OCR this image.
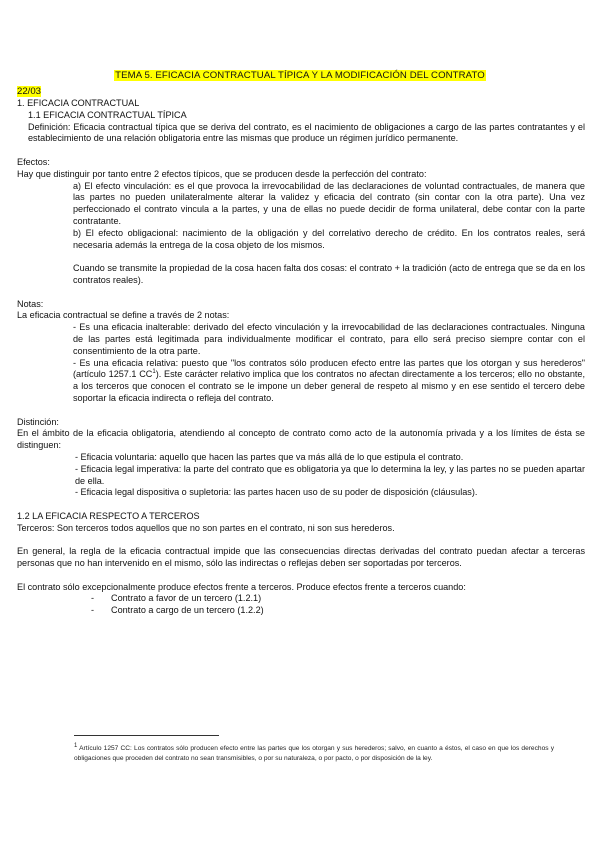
TEMA 5. EFICACIA CONTRACTUAL TÍPICA Y LA MODIFICACIÓN DEL CONTRATO
22/03

1. EFICACIA CONTRACTUAL

1.1 EFICACIA CONTRACTUAL TÍPICA

Definición: Eficacia contractual típica que se deriva del contrato, es el nacimiento de obligaciones a cargo de las partes contratantes y el establecimiento de una relación obligatoria entre las mismas que produce un régimen jurídico permanente.

Efectos:

Hay que distinguir por tanto entre 2 efectos típicos, que se producen desde la perfección del contrato:

a) El efecto vinculación: es el que provoca la irrevocabilidad de las declaraciones de voluntad contractuales, de manera que las partes no pueden unilateralmente alterar la validez y eficacia del contrato (sin contar con la otra parte). Una vez perfeccionado el contrato vincula a la partes, y una de ellas no puede decidir de forma unilateral, debe contar con la parte contratante.

b) El efecto obligacional: nacimiento de la obligación y del correlativo derecho de crédito. En los contratos reales, será necesaria además la entrega de la cosa objeto de los mismos.

Cuando se transmite la propiedad de la cosa hacen falta dos cosas: el contrato + la tradición (acto de entrega que se da en los contratos reales).

Notas:

La eficacia contractual se define a través de 2 notas:

- Es una eficacia inalterable: derivado del efecto vinculación y la irrevocabilidad de las declaraciones contractuales. Ninguna de las partes está legitimada para individualmente modificar el contrato, para ello será preciso siempre contar con el consentimiento de la otra parte.

- Es una eficacia relativa: puesto que "los contratos sólo producen efecto entre las partes que los otorgan y sus herederos" (artículo 1257.1 $CC^1$). Este carácter relativo implica que los contratos no afectan directamente a los terceros; ello no obstante, a los terceros que conocen el contrato se le impone un deber general de respeto al mismo y en ese sentido el tercero debe soportar la eficacia indirecta o refleja del contrato.

Distinción:

En el ámbito de la eficacia obligatoria, atendiendo al concepto de contrato como acto de la autonomía privada y a los límites de ésta se distinguen:

- Eficacia voluntaria: aquello que hacen las partes que va más allá de lo que estipula el contrato.

- Eficacia legal imperativa: la parte del contrato que es obligatoria ya que lo determina la ley, y las partes no se pueden apartar de ella.

- Eficacia legal dispositiva o supletoria: las partes hacen uso de su poder de disposición (cláusulas).

1.2 LA EFICACIA RESPECTO A TERCEROS

Terceros: Son terceros todos aquellos que no son partes en el contrato, ni son sus herederos.

En general, la regla de la eficacia contractual impide que las consecuencias directas derivadas del contrato puedan afectar a terceras personas que no han intervenido en el mismo, sólo las indirectas o reflejas deben ser soportadas por terceros.

El contrato sólo excepcionalmente produce efectos frente a terceros. Produce efectos frente a terceros cuando:

- Contrato a favor de un tercero (1.2.1)
- Contrato a cargo de un tercero (1.2.2)
$^1$ Artículo 1257 CC: Los contratos sólo producen efecto entre las partes que los otorgan y sus herederos; salvo, en cuanto a éstos, el caso en que los derechos y obligaciones que proceden del contrato no sean transmisibles, o por su naturaleza, o por pacto, o por disposición de la ley.
